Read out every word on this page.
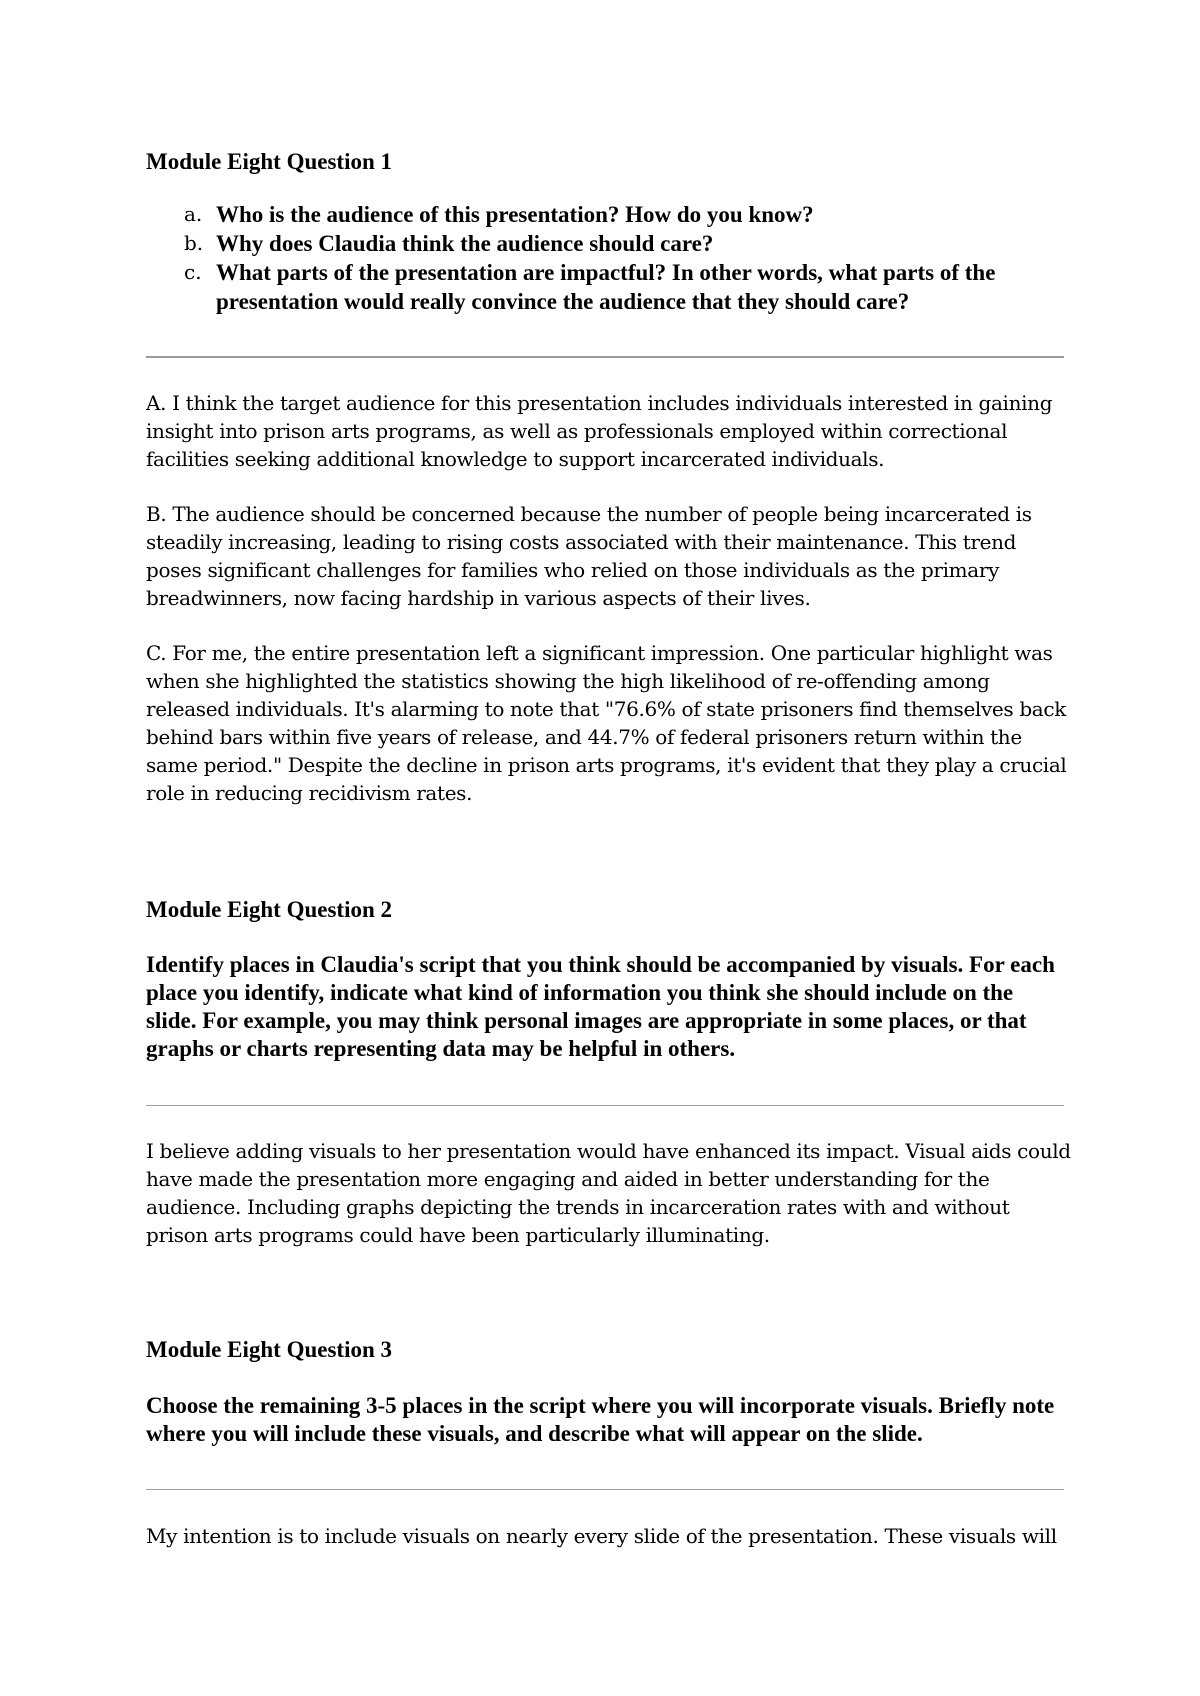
Module Eight Question 1
a. Who is the audience of this presentation? How do you know?
b. Why does Claudia think the audience should care?
c. What parts of the presentation are impactful? In other words, what parts of the presentation would really convince the audience that they should care?
A. I think the target audience for this presentation includes individuals interested in gaining insight into prison arts programs, as well as professionals employed within correctional facilities seeking additional knowledge to support incarcerated individuals.
B. The audience should be concerned because the number of people being incarcerated is steadily increasing, leading to rising costs associated with their maintenance. This trend poses significant challenges for families who relied on those individuals as the primary breadwinners, now facing hardship in various aspects of their lives.
C. For me, the entire presentation left a significant impression. One particular highlight was when she highlighted the statistics showing the high likelihood of re-offending among released individuals. It's alarming to note that "76.6% of state prisoners find themselves back behind bars within five years of release, and 44.7% of federal prisoners return within the same period." Despite the decline in prison arts programs, it's evident that they play a crucial role in reducing recidivism rates.
Module Eight Question 2
Identify places in Claudia's script that you think should be accompanied by visuals. For each place you identify, indicate what kind of information you think she should include on the slide. For example, you may think personal images are appropriate in some places, or that graphs or charts representing data may be helpful in others.
I believe adding visuals to her presentation would have enhanced its impact. Visual aids could have made the presentation more engaging and aided in better understanding for the audience. Including graphs depicting the trends in incarceration rates with and without prison arts programs could have been particularly illuminating.
Module Eight Question 3
Choose the remaining 3-5 places in the script where you will incorporate visuals. Briefly note where you will include these visuals, and describe what will appear on the slide.
My intention is to include visuals on nearly every slide of the presentation. These visuals will
